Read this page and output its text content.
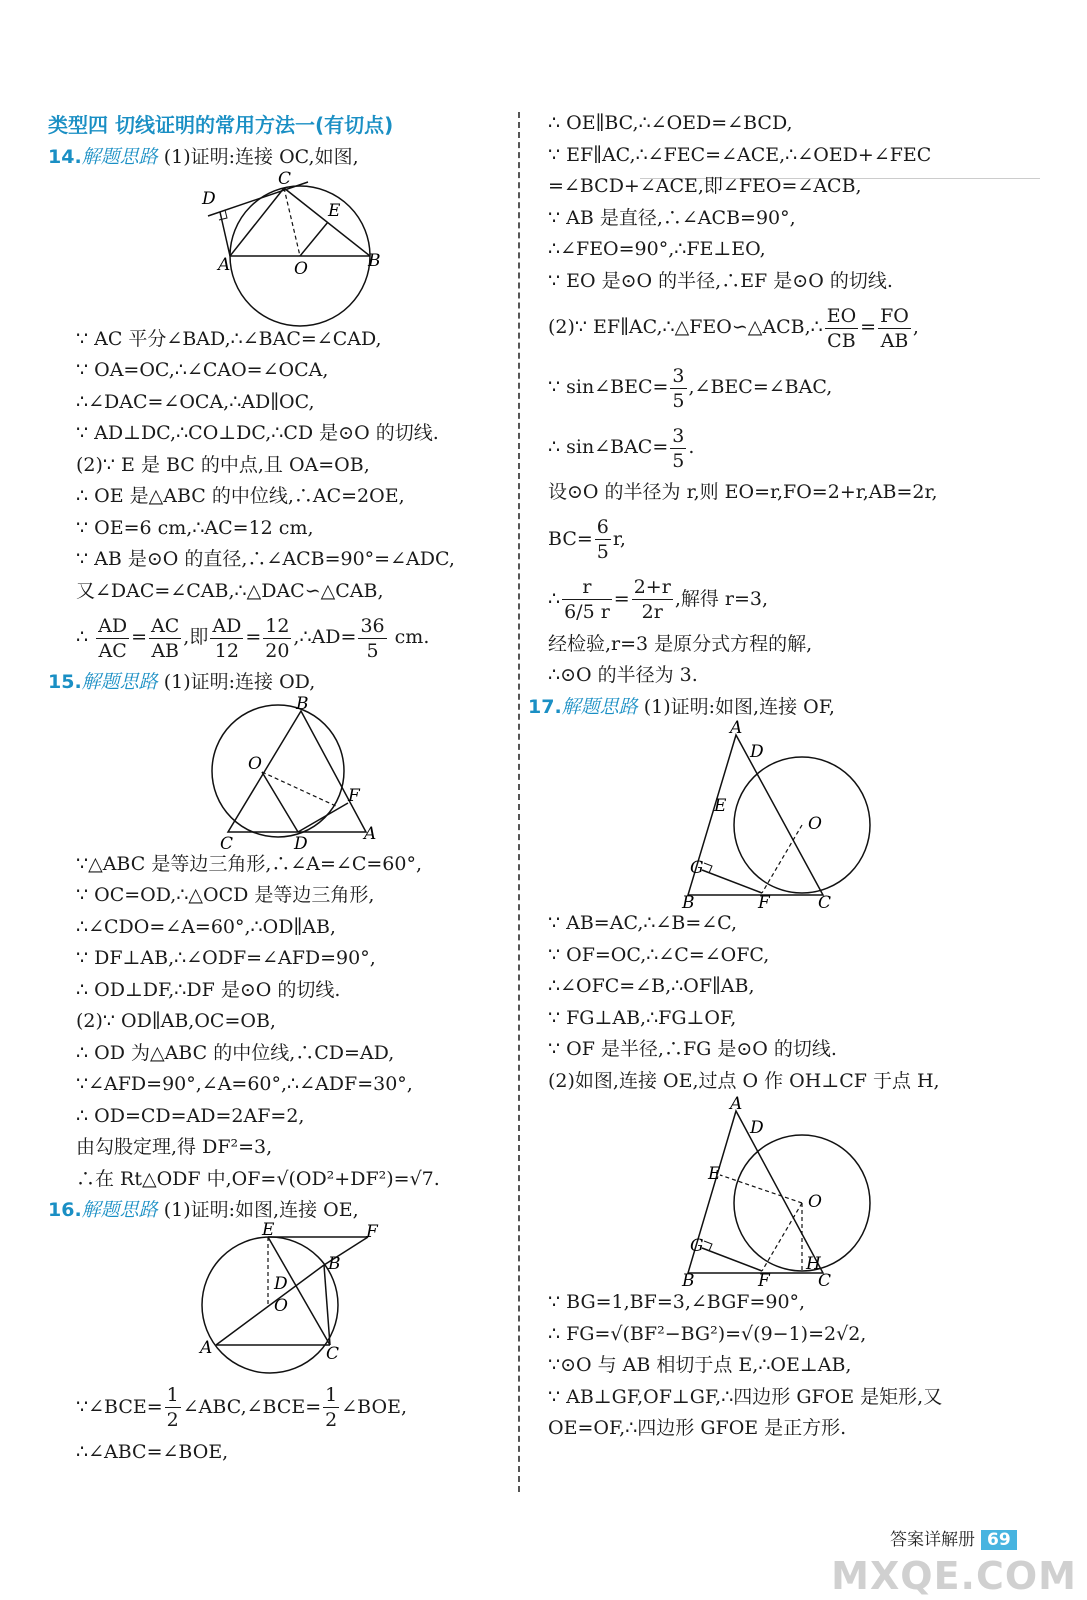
类型四 切线证明的常用方法一(有切点)
14.解题思路 (1)证明:连接 OC,如图,
D
C
E
A	O	B
∵ AC 平分∠BAD,∴∠BAC=∠CAD,
∵ OA=OC,∴∠CAO=∠OCA,
∴∠DAC=∠OCA,∴AD∥OC,
∵ AD⊥DC,∴CO⊥DC,∴CD 是⊙O 的切线.
(2)∵ E 是 BC 的中点,且 OA=OB,
∴ OE 是△ABC 的中位线,∴AC=2OE,
∵ OE=6 cm,∴AC=12 cm,
∵ AB 是⊙O 的直径,∴∠ACB=90°=∠ADC,
又∠DAC=∠CAB,∴△DAC∽△CAB,
∴ $\frac{AD}{AC} = \frac{AC}{AB}$ ,即 $\frac{AD}{12} = \frac{12}{20}$ ,∴AD= $\frac{36}{5}$ cm.
15.解题思路 (1)证明:连接 OD,
B
O
F
A
C	D
∵△ABC 是等边三角形,∴∠A=∠C=60°,
∵ OC=OD,∴△OCD 是等边三角形,
∴∠CDO=∠A=60°,∴OD∥AB,
∵ DF⊥AB,∴∠ODF=∠AFD=90°,
∴ OD⊥DF,∴DF 是⊙O 的切线.
(2)∵ OD∥AB,OC=OB,
∴ OD 为△ABC 的中位线,∴CD=AD,
∵∠AFD=90°,∠A=60°,∴∠ADF=30°,
∴ OD=CD=AD=2AF=2,
由勾股定理,得 DF²=3,
∴在 Rt△ODF 中,OF=√(OD²+DF²)=√7.
16.解题思路 (1)证明:如图,连接 OE,
E	F
D
B
O
A	C
∵∠BCE= $\frac{1}{2}$ ∠ABC,∠BCE= $\frac{1}{2}$ ∠BOE,
∴∠ABC=∠BOE,
∴ OE∥BC,∴∠OED=∠BCD,
∵ EF∥AC,∴∠FEC=∠ACE,∴∠OED+∠FEC
=∠BCD+∠ACE,即∠FEO=∠ACB,
∵ AB 是直径,∴∠ACB=90°,
∴∠FEO=90°,∴FE⊥EO,
∵ EO 是⊙O 的半径,∴EF 是⊙O 的切线.
(2)∵ EF∥AC,∴△FEO∽△ACB,∴ $\frac{EO}{CB} = \frac{FO}{AB}$ ,
∵ sin∠BEC= $\frac{3}{5}$ ,∠BEC=∠BAC,
∴ sin∠BAC= $\frac{3}{5}$ .
设⊙O 的半径为 r,则 EO=r,FO=2+r,AB=2r,
$BC= \frac{6}{5} r$,
∴ $\frac{r}{6/5 r} = \frac{2+r}{2r}$ ,解得 r=3,
经检验,r=3 是原分式方程的解,
∴⊙O 的半径为 3.
17.解题思路 (1)证明:如图,连接 OF,
A
D
E
O
G
B	F	C
∵ AB=AC,∴∠B=∠C,
∵ OF=OC,∴∠C=∠OFC,
∴∠OFC=∠B,∴OF∥AB,
∵ FG⊥AB,∴FG⊥OF,
∵ OF 是半径,∴FG 是⊙O 的切线.
(2)如图,连接 OE,过点 O 作 OH⊥CF 于点 H,
A
D
E
O
G
B	F
H
C
∵ BG=1,BF=3,∠BGF=90°,
∴ FG=√(BF²−BG²)=√(9−1)=2√2,
∵⊙O 与 AB 相切于点 E,∴OE⊥AB,
∵ AB⊥GF,OF⊥GF,∴四边形 GFOE 是矩形,又
OE=OF,∴四边形 GFOE 是正方形.
答案详解册 69
MXQE.COM
